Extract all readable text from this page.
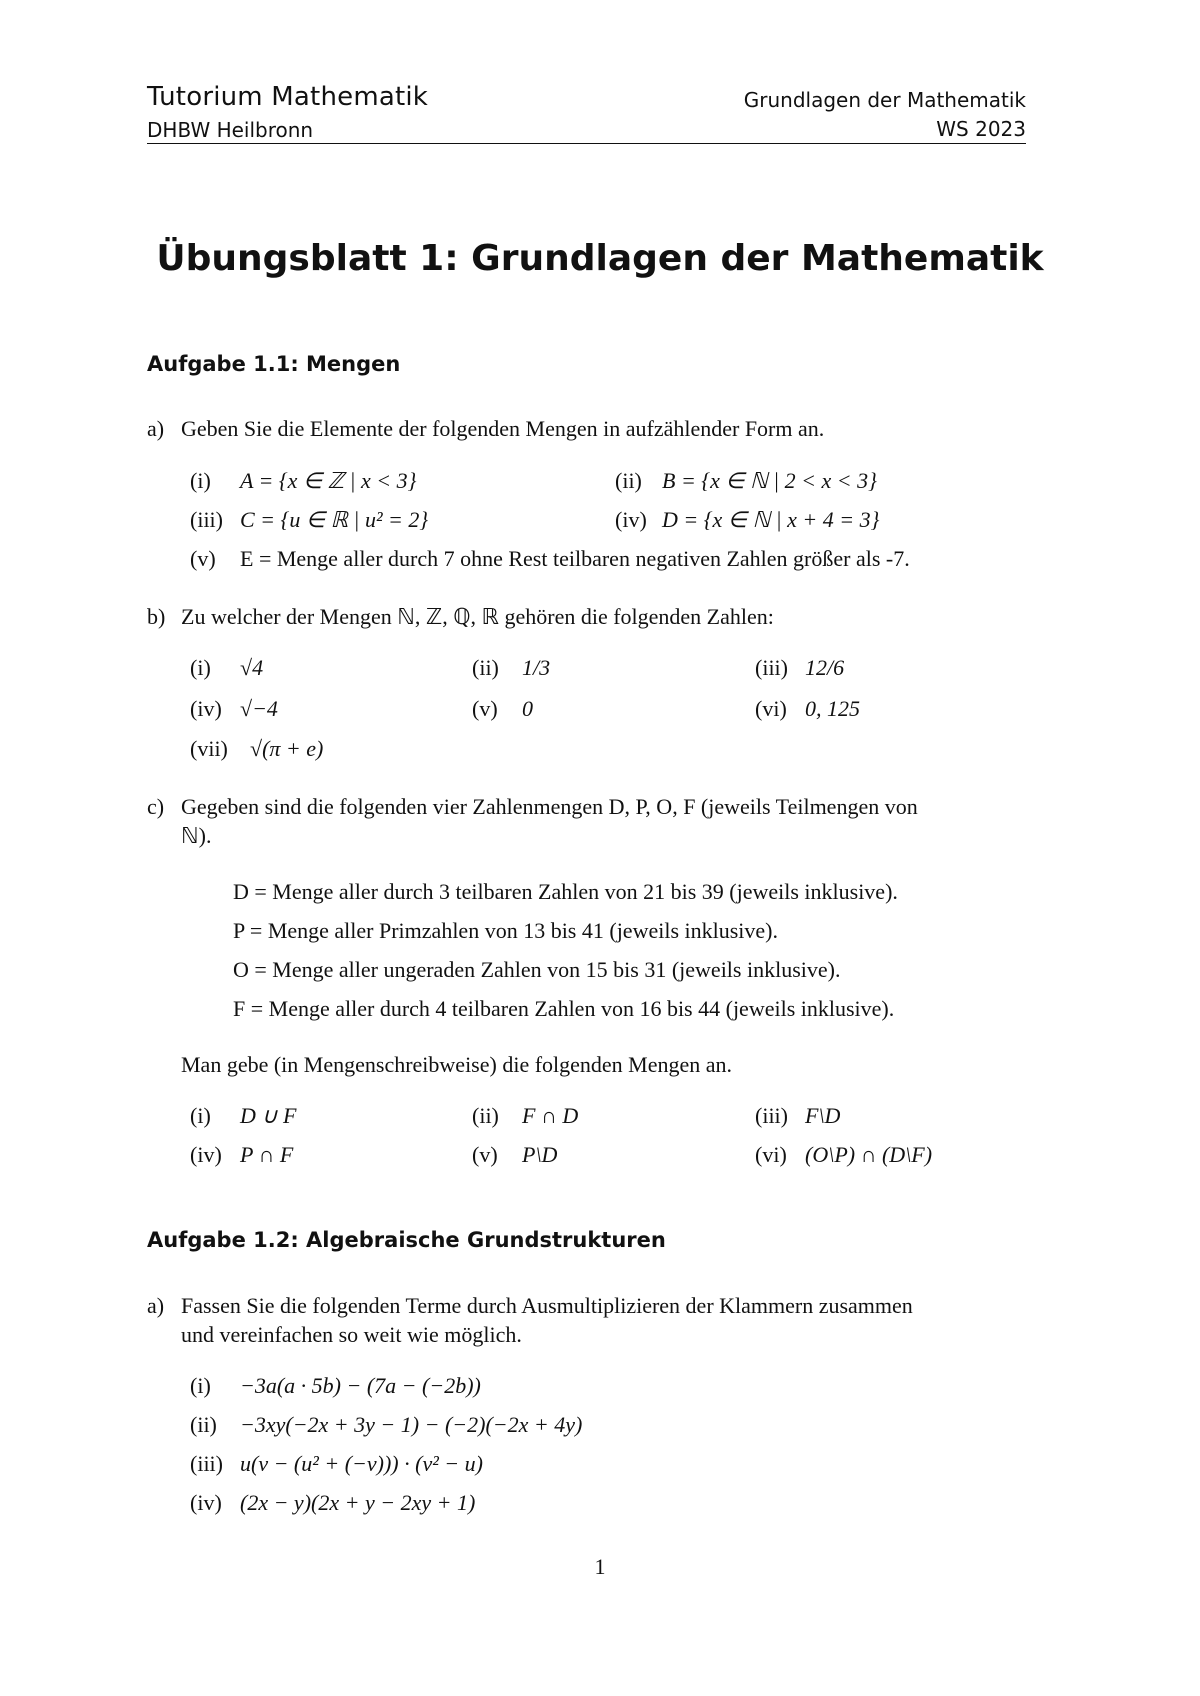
Tutorium Mathematik
DHBW Heilbronn
Grundlagen der Mathematik
WS 2023
Übungsblatt 1: Grundlagen der Mathematik
Aufgabe 1.1: Mengen
a) Geben Sie die Elemente der folgenden Mengen in aufzählender Form an.
(i) A = {x ∈ ℤ | x < 3}	(ii) B = {x ∈ ℕ | 2 < x < 3}
(iii) C = {u ∈ ℝ | u² = 2}	(iv) D = {x ∈ ℕ | x + 4 = 3}
(v) E = Menge aller durch 7 ohne Rest teilbaren negativen Zahlen größer als -7.
b) Zu welcher der Mengen ℕ, ℤ, ℚ, ℝ gehören die folgenden Zahlen:
(i) √4	(ii) 1/3	(iii) 12/6
(iv) √−4	(v) 0	(vi) 0, 125
(vii) √(π + e)
c) Gegeben sind die folgenden vier Zahlenmengen D, P, O, F (jeweils Teilmengen von
ℕ).
D = Menge aller durch 3 teilbaren Zahlen von 21 bis 39 (jeweils inklusive).
P = Menge aller Primzahlen von 13 bis 41 (jeweils inklusive).
O = Menge aller ungeraden Zahlen von 15 bis 31 (jeweils inklusive).
F = Menge aller durch 4 teilbaren Zahlen von 16 bis 44 (jeweils inklusive).
Man gebe (in Mengenschreibweise) die folgenden Mengen an.
(i) D ∪ F	(ii) F ∩ D	(iii) F\D
(iv) P ∩ F	(v) P\D	(vi) (O\P) ∩ (D\F)
Aufgabe 1.2: Algebraische Grundstrukturen
a) Fassen Sie die folgenden Terme durch Ausmultiplizieren der Klammern zusammen
und vereinfachen so weit wie möglich.
(i) −3a(a · 5b) − (7a − (−2b))
(ii) −3xy(−2x + 3y − 1) − (−2)(−2x + 4y)
(iii) u(v − (u² + (−v))) · (v² − u)
(iv) (2x − y)(2x + y − 2xy + 1)
1
